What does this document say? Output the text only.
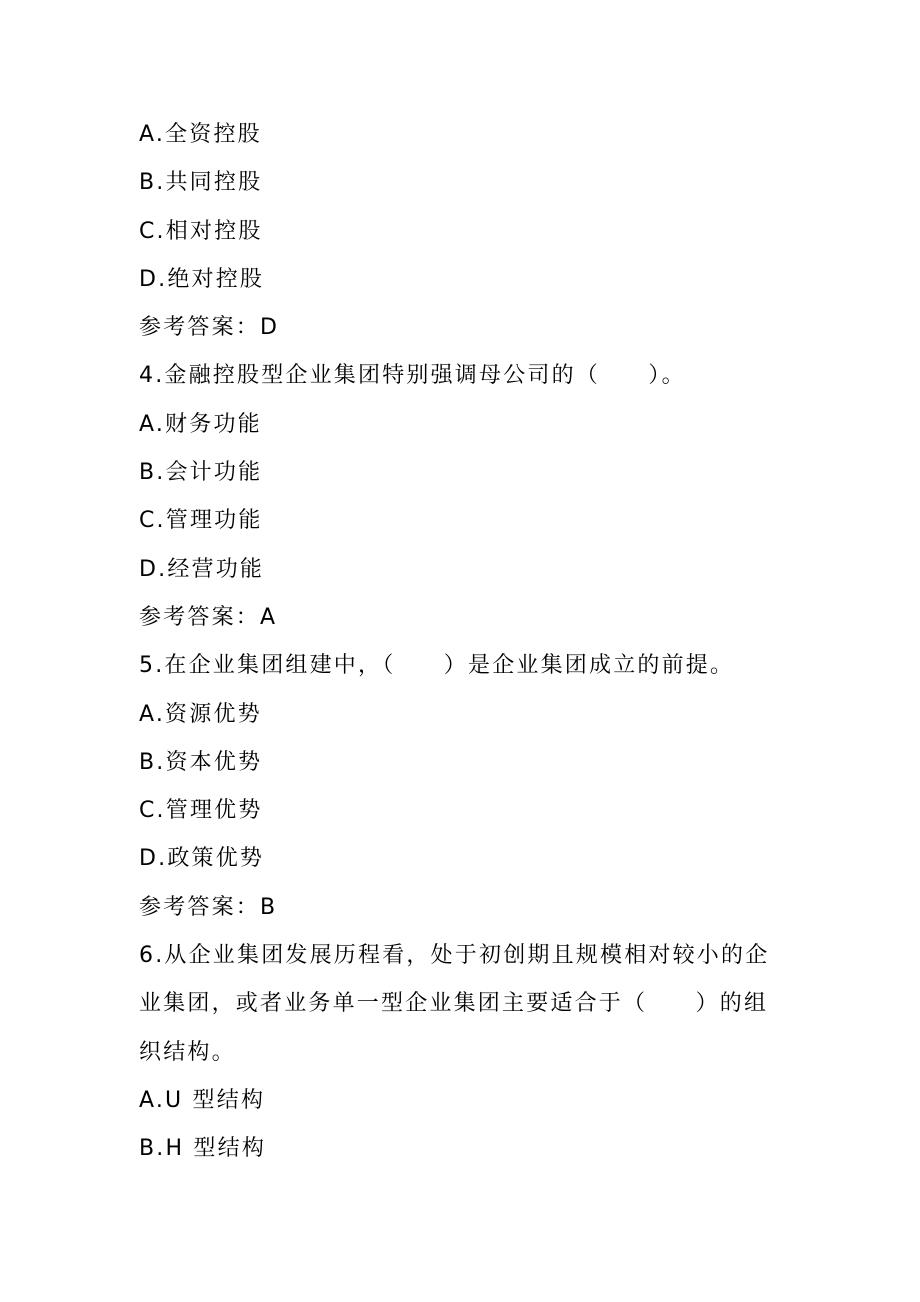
A.全资控股
B.共同控股
C.相对控股
D.绝对控股
参考答案：D
4.金融控股型企业集团特别强调母公司的（　　）。
A.财务功能
B.会计功能
C.管理功能
D.经营功能
参考答案：A
5.在企业集团组建中，（　　）是企业集团成立的前提。
A.资源优势
B.资本优势
C.管理优势
D.政策优势
参考答案：B
6.从企业集团发展历程看，处于初创期且规模相对较小的企
业集团，或者业务单一型企业集团主要适合于（　　）的组
织结构。
A.U 型结构
B.H 型结构
